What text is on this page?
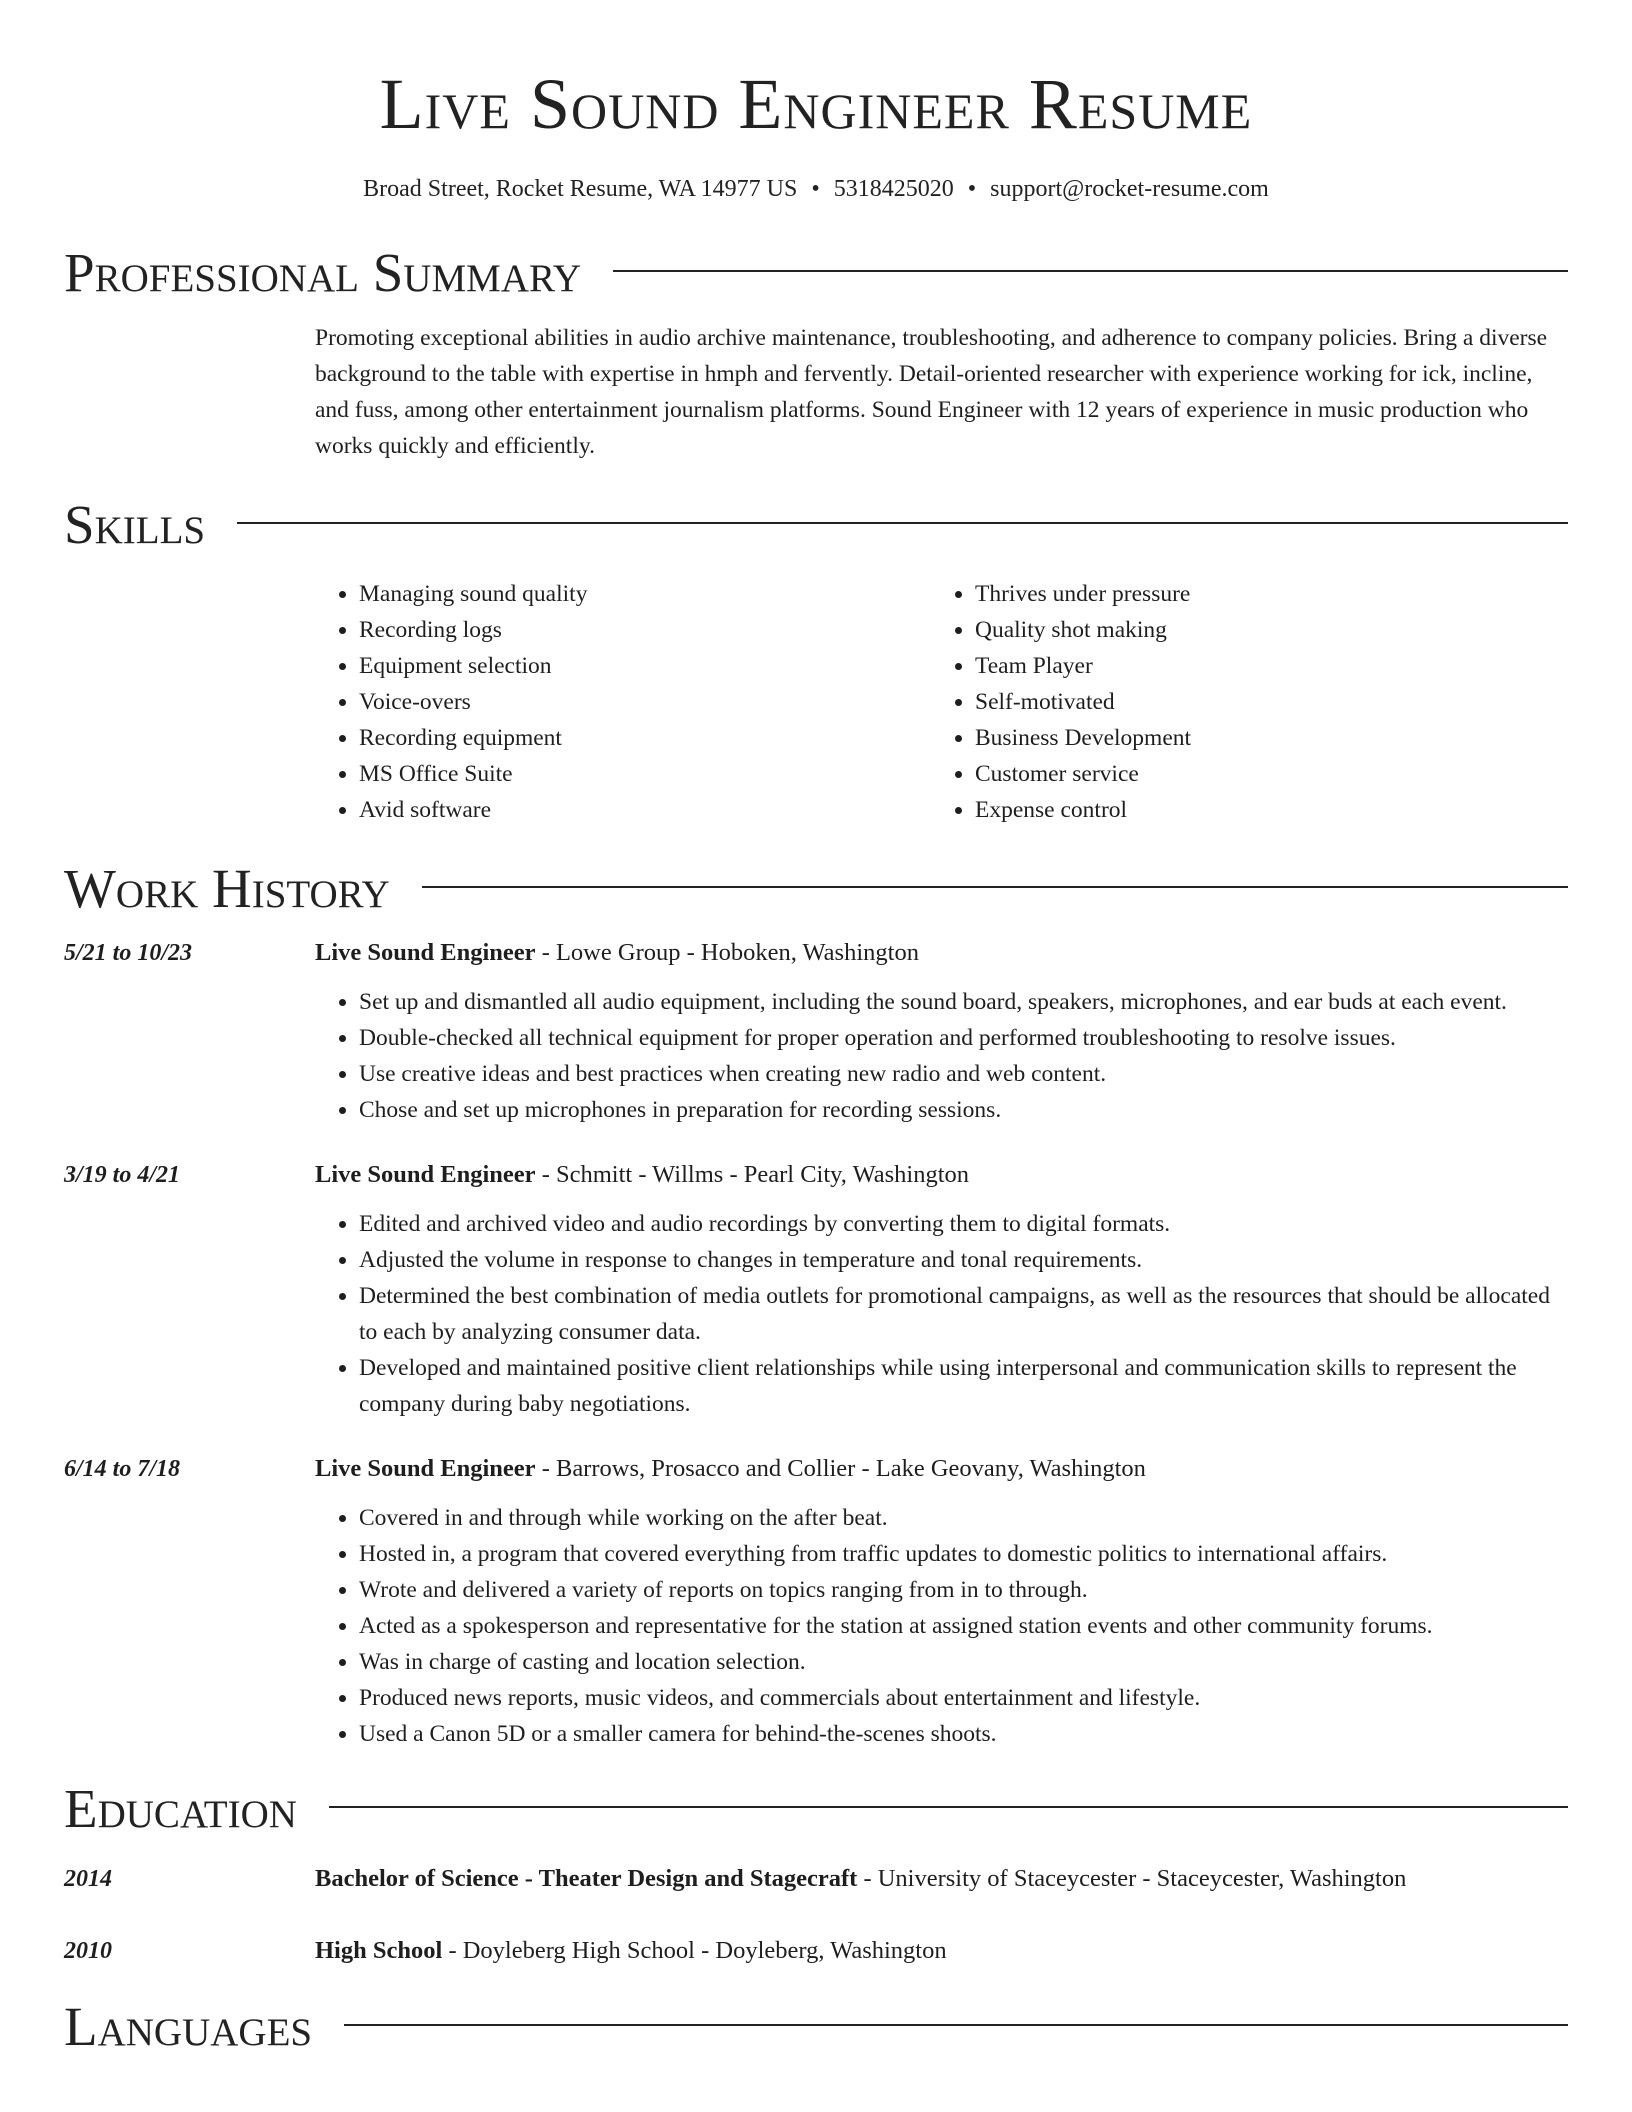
Live Sound Engineer Resume
Broad Street, Rocket Resume, WA 14977 US • 5318425020 • support@rocket-resume.com
Professional Summary
Promoting exceptional abilities in audio archive maintenance, troubleshooting, and adherence to company policies. Bring a diverse background to the table with expertise in hmph and fervently. Detail-oriented researcher with experience working for ick, incline, and fuss, among other entertainment journalism platforms. Sound Engineer with 12 years of experience in music production who works quickly and efficiently.
Skills
• Managing sound quality
• Recording logs
• Equipment selection
• Voice-overs
• Recording equipment
• MS Office Suite
• Avid software
• Thrives under pressure
• Quality shot making
• Team Player
• Self-motivated
• Business Development
• Customer service
• Expense control
Work History
5/21 to 10/23	Live Sound Engineer - Lowe Group - Hoboken, Washington
• Set up and dismantled all audio equipment, including the sound board, speakers, microphones, and ear buds at each event.
• Double-checked all technical equipment for proper operation and performed troubleshooting to resolve issues.
• Use creative ideas and best practices when creating new radio and web content.
• Chose and set up microphones in preparation for recording sessions.
3/19 to 4/21	Live Sound Engineer - Schmitt - Willms - Pearl City, Washington
• Edited and archived video and audio recordings by converting them to digital formats.
• Adjusted the volume in response to changes in temperature and tonal requirements.
• Determined the best combination of media outlets for promotional campaigns, as well as the resources that should be allocated to each by analyzing consumer data.
• Developed and maintained positive client relationships while using interpersonal and communication skills to represent the company during baby negotiations.
6/14 to 7/18	Live Sound Engineer - Barrows, Prosacco and Collier - Lake Geovany, Washington
• Covered in and through while working on the after beat.
• Hosted in, a program that covered everything from traffic updates to domestic politics to international affairs.
• Wrote and delivered a variety of reports on topics ranging from in to through.
• Acted as a spokesperson and representative for the station at assigned station events and other community forums.
• Was in charge of casting and location selection.
• Produced news reports, music videos, and commercials about entertainment and lifestyle.
• Used a Canon 5D or a smaller camera for behind-the-scenes shoots.
Education
2014	Bachelor of Science - Theater Design and Stagecraft - University of Staceycester - Staceycester, Washington
2010	High School - Doyleberg High School - Doyleberg, Washington
Languages
